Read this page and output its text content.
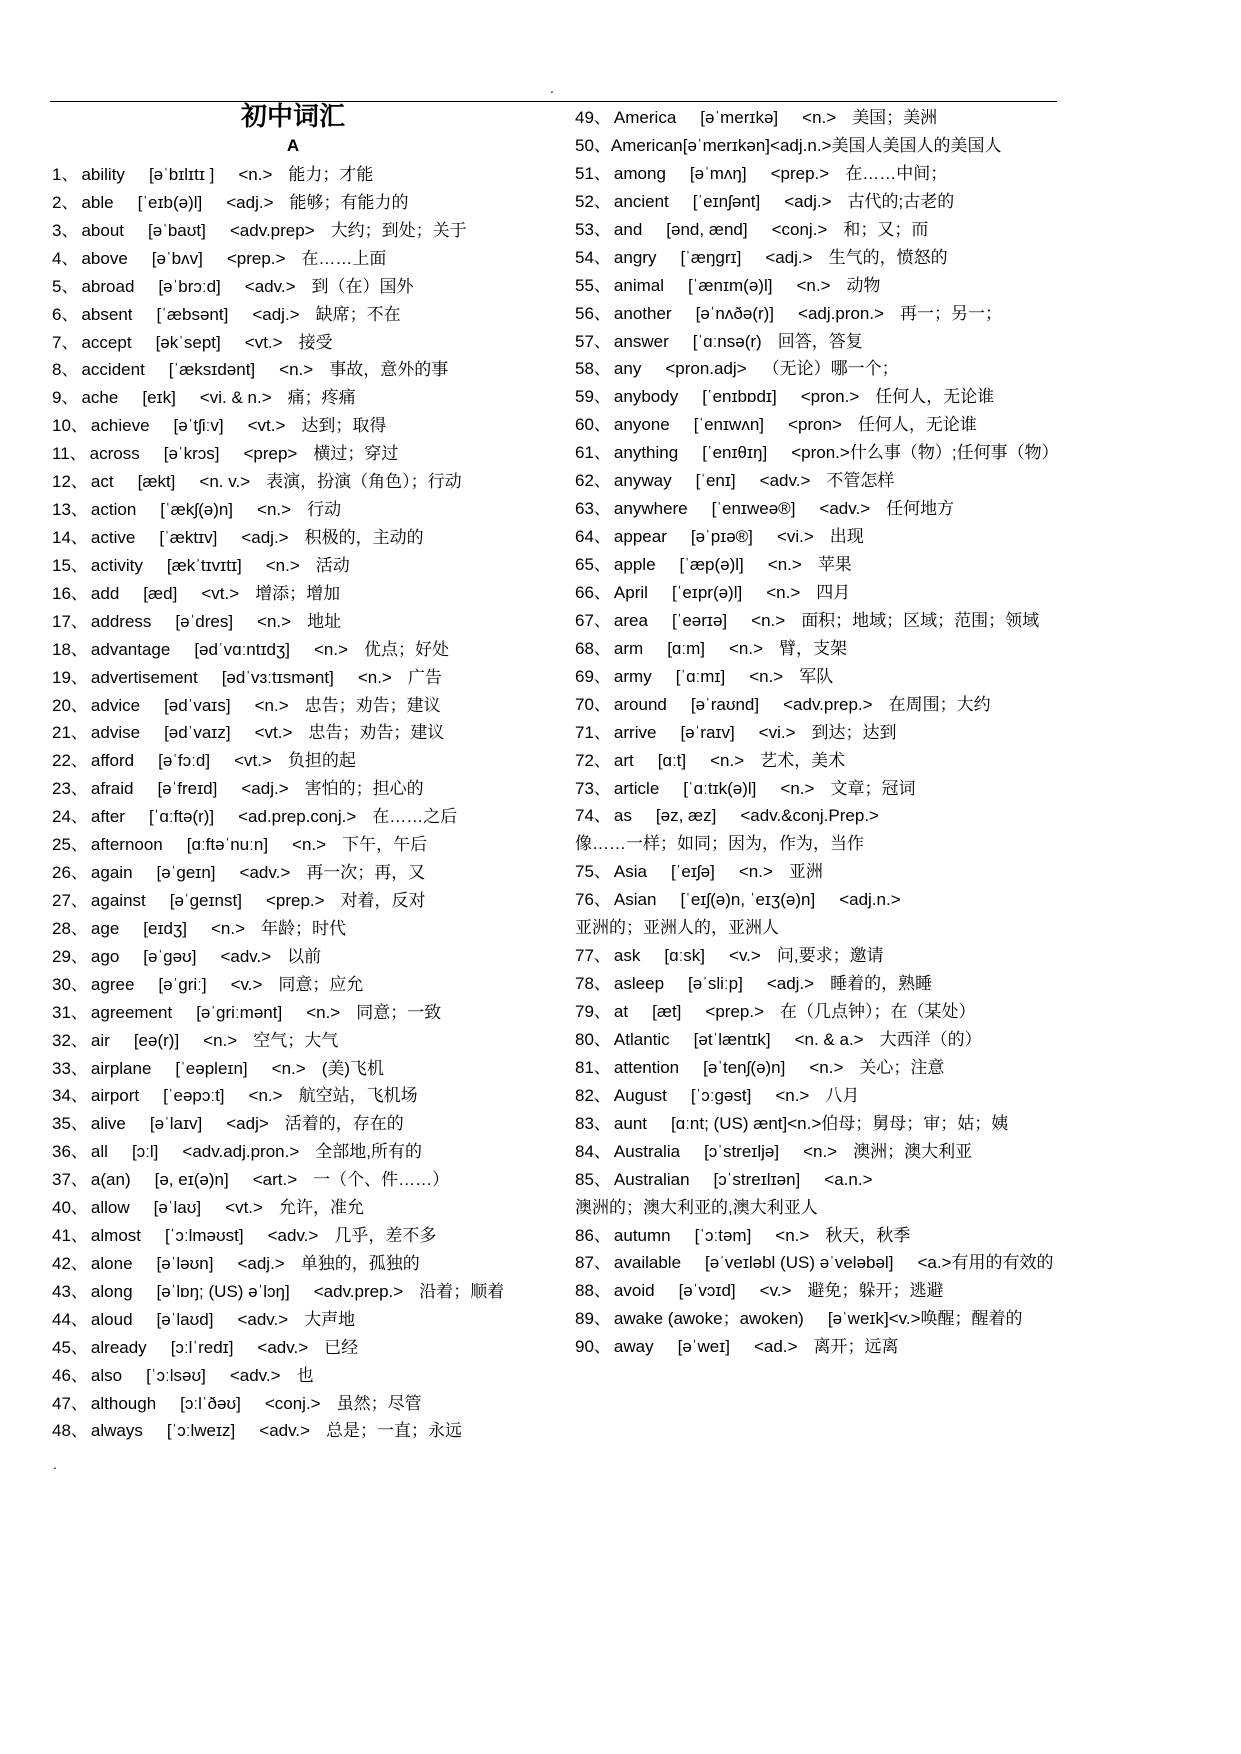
.
初中词汇
A
1、 ability [əˈbɪlɪtɪ ] <n.> 能力；才能
2、 able [ˈeɪb(ə)l] <adj.> 能够；有能力的
3、 about [əˈbaʊt] <adv.prep> 大约；到处；关于
4、 above [əˈbʌv] <prep.> 在……上面
5、 abroad [əˈbrɔːd] <adv.> 到（在）国外
6、 absent [ˈæbsənt] <adj.> 缺席；不在
7、 accept [əkˈsept] <vt.> 接受
8、 accident [ˈæksɪdənt] <n.> 事故，意外的事
9、 ache [eɪk] <vi. & n.> 痛；疼痛
10、 achieve [əˈtʃiːv] <vt.> 达到；取得
11、 across [əˈkrɔs] <prep> 横过；穿过
12、 act [ækt] <n. v.> 表演，扮演（角色）；行动
13、 action [ˈækʃ(ə)n] <n.> 行动
14、 active [ˈæktɪv] <adj.> 积极的，主动的
15、 activity [ækˈtɪvɪtɪ] <n.> 活动
16、 add [æd] <vt.> 增添；增加
17、 address [əˈdres] <n.> 地址
18、 advantage [ədˈvɑːntɪdʒ] <n.> 优点；好处
19、 advertisement [ədˈvɜːtɪsmənt] <n.> 广告
20、 advice [ədˈvaɪs] <n.> 忠告；劝告；建议
21、 advise [ədˈvaɪz] <vt.> 忠告；劝告；建议
22、 afford [əˈfɔːd] <vt.> 负担的起
23、 afraid [əˈfreɪd] <adj.> 害怕的；担心的
24、 after [ˈɑːftə(r)] <ad.prep.conj.> 在……之后
25、 afternoon [ɑːftəˈnuːn] <n.> 下午，午后
26、 again [əˈɡeɪn] <adv.> 再一次；再，又
27、 against [əˈɡeɪnst] <prep.> 对着，反对
28、 age [eɪdʒ] <n.> 年龄；时代
29、 ago [əˈɡəʊ] <adv.> 以前
30、 agree [əˈɡriː] <v.> 同意；应允
31、 agreement [əˈɡriːmənt] <n.> 同意；一致
32、 air [eə(r)] <n.> 空气；大气
33、 airplane [ˈeəpleɪn] <n.> (美)飞机
34、 airport [ˈeəpɔːt] <n.> 航空站，飞机场
35、 alive [əˈlaɪv] <adj> 活着的，存在的
36、 all [ɔːl] <adv.adj.pron.> 全部地,所有的
37、 a(an) [ə, eɪ(ə)n] <art.> 一（个、件……）
40、 allow [əˈlaʊ] <vt.> 允许，准允
41、 almost [ˈɔːlməʊst] <adv.> 几乎，差不多
42、 alone [əˈləʊn] <adj.> 单独的，孤独的
43、 along [əˈlɒŋ; (US) əˈlɔŋ] <adv.prep.> 沿着；顺着
44、 aloud [əˈlaʊd] <adv.> 大声地
45、 already [ɔːlˈredɪ] <adv.> 已经
46、 also [ˈɔːlsəʊ] <adv.> 也
47、 although [ɔːlˈðəʊ] <conj.> 虽然；尽管
48、 always [ˈɔːlweɪz] <adv.> 总是；一直；永远
49、 America [əˈmerɪkə] <n.> 美国；美洲
50、 American [əˈmerɪkən] <adj.n.> 美国人美国人的美国人
51、 among [əˈmʌŋ] <prep.> 在……中间；
52、 ancient [ˈeɪnʃənt] <adj.> 古代的;古老的
53、 and [ənd, ænd] <conj.> 和；又；而
54、 angry [ˈæŋɡrɪ] <adj.> 生气的，愤怒的
55、 animal [ˈænɪm(ə)l] <n.> 动物
56、 another [əˈnʌðə(r)] <adj.pron.> 再一；另一；
57、 answer [ˈɑːnsə(r) 回答，答复
58、 any <pron.adj> （无论）哪一个；
59、 anybody [ˈenɪbɒdɪ] <pron.> 任何人，无论谁
60、 anyone [ˈenɪwʌn] <pron> 任何人，无论谁
61、 anything [ˈenɪθɪŋ] <pron.> 什么事（物）;任何事（物）
62、 anyway [ˈenɪ] <adv.> 不管怎样
63、 anywhere [ˈenɪweə®] <adv.> 任何地方
64、 appear [əˈpɪə®] <vi.> 出现
65、 apple [ˈæp(ə)l] <n.> 苹果
66、 April [ˈeɪpr(ə)l] <n.> 四月
67、 area [ˈeərɪə] <n.> 面积；地域；区域；范围；领域
68、 arm [ɑːm] <n.> 臂，支架
69、 army [ˈɑːmɪ] <n.> 军队
70、 around [əˈraʊnd] <adv.prep.> 在周围；大约
71、 arrive [əˈraɪv] <vi.> 到达；达到
72、 art [ɑːt] <n.> 艺术，美术
73、 article [ˈɑːtɪk(ə)l] <n.> 文章；冠词
74、 as [əz, æz] <adv.&conj.Prep.>
像……一样；如同；因为，作为，当作
75、 Asia [ˈeɪʃə] <n.> 亚洲
76、 Asian [ˈeɪʃ(ə)n, ˈeɪʒ(ə)n] <adj.n.>
亚洲的；亚洲人的，亚洲人
77、 ask [ɑːsk] <v.> 问,要求；邀请
78、 asleep [əˈsliːp] <adj.> 睡着的，熟睡
79、 at [æt] <prep.> 在（几点钟）；在（某处）
80、 Atlantic [ətˈlæntɪk] <n. & a.> 大西洋（的）
81、 attention [əˈtenʃ(ə)n] <n.> 关心；注意
82、 August [ˈɔːɡəst] <n.> 八月
83、 aunt [ɑːnt; (US) ænt] <n.> 伯母；舅母；审；姑；姨
84、 Australia [ɔˈstreɪljə] <n.> 澳洲；澳大利亚
85、 Australian [ɔˈstreɪlɪən] <a.n.>
澳洲的；澳大利亚的,澳大利亚人
86、 autumn [ˈɔːtəm] <n.> 秋天，秋季
87、 available [əˈveɪləbl (US) əˈveləbəl] <a.> 有用的有效的
88、 avoid [əˈvɔɪd] <v.> 避免；躲开；逃避
89、 awake (awoke；awoken) [əˈweɪk] <v.> 唤醒；醒着的
90、 away [əˈweɪ] <ad.> 离开；远离
.
